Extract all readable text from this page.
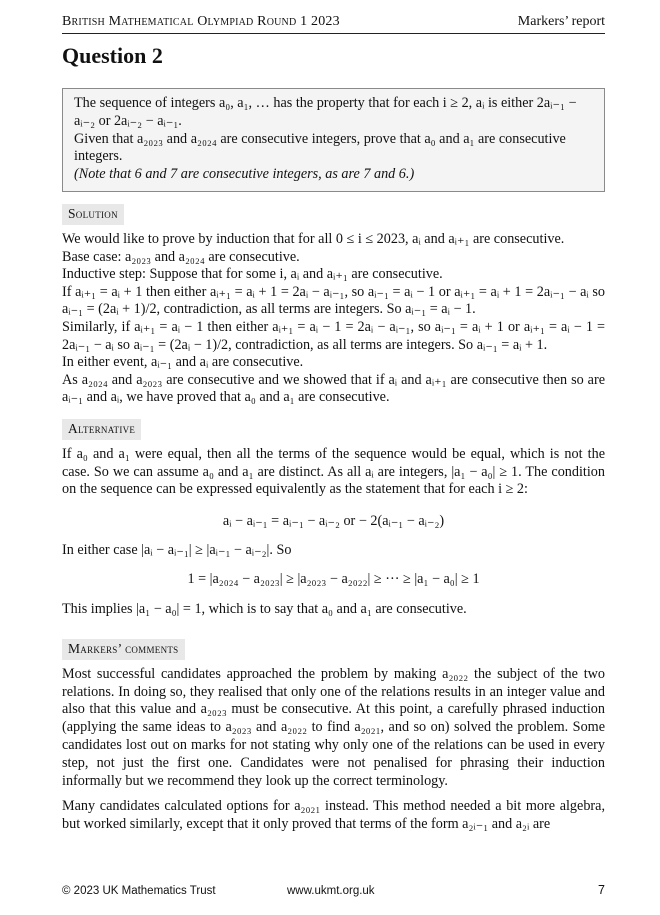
British Mathematical Olympiad Round 1 2023	Markers’ report
Question 2

The sequence of integers a₀, a₁, … has the property that for each i ≥ 2, aᵢ is either 2aᵢ₋₁ − aᵢ₋₂ or 2aᵢ₋₂ − aᵢ₋₁.

Given that a₂₀₂₃ and a₂₀₂₄ are consecutive integers, prove that a₀ and a₁ are consecutive integers.

(Note that 6 and 7 are consecutive integers, as are 7 and 6.)

Solution

We would like to prove by induction that for all 0 ≤ i ≤ 2023, aᵢ and aᵢ₊₁ are consecutive.

Base case: a₂₀₂₃ and a₂₀₂₄ are consecutive.

Inductive step: Suppose that for some i, aᵢ and aᵢ₊₁ are consecutive.

If aᵢ₊₁ = aᵢ + 1 then either aᵢ₊₁ = aᵢ + 1 = 2aᵢ − aᵢ₋₁, so aᵢ₋₁ = aᵢ − 1 or aᵢ₊₁ = aᵢ + 1 = 2aᵢ₋₁ − aᵢ so aᵢ₋₁ = (2aᵢ + 1)/2, contradiction, as all terms are integers. So aᵢ₋₁ = aᵢ − 1.

Similarly, if aᵢ₊₁ = aᵢ − 1 then either aᵢ₊₁ = aᵢ − 1 = 2aᵢ − aᵢ₋₁, so aᵢ₋₁ = aᵢ + 1 or aᵢ₊₁ = aᵢ − 1 = 2aᵢ₋₁ − aᵢ so aᵢ₋₁ = (2aᵢ − 1)/2, contradiction, as all terms are integers. So aᵢ₋₁ = aᵢ + 1.

In either event, aᵢ₋₁ and aᵢ are consecutive.

As a₂₀₂₄ and a₂₀₂₃ are consecutive and we showed that if aᵢ and aᵢ₊₁ are consecutive then so are aᵢ₋₁ and aᵢ, we have proved that a₀ and a₁ are consecutive.

Alternative
If a₀ and a₁ were equal, then all the terms of the sequence would be equal, which is not the case. So we can assume a₀ and a₁ are distinct. As all aᵢ are integers, |a₁ − a₀| ≥ 1. The condition on the sequence can be expressed equivalently as the statement that for each i ≥ 2:
aᵢ − aᵢ₋₁ = aᵢ₋₁ − aᵢ₋₂ or − 2(aᵢ₋₁ − aᵢ₋₂)
In either case |aᵢ − aᵢ₋₁| ≥ |aᵢ₋₁ − aᵢ₋₂|. So
1 = |a₂₀₂₄ − a₂₀₂₃| ≥ |a₂₀₂₃ − a₂₀₂₂| ≥ ··· ≥ |a₁ − a₀| ≥ 1
This implies |a₁ − a₀| = 1, which is to say that a₀ and a₁ are consecutive.
Markers’ comments
Most successful candidates approached the problem by making a₂₀₂₂ the subject of the two relations. In doing so, they realised that only one of the relations results in an integer value and also that this value and a₂₀₂₃ must be consecutive. At this point, a carefully phrased induction (applying the same ideas to a₂₀₂₃ and a₂₀₂₂ to find a₂₀₂₁, and so on) solved the problem. Some candidates lost out on marks for not stating why only one of the relations can be used in every step, not just the first one. Candidates were not penalised for phrasing their induction informally but we recommend they look up the correct terminology.
Many candidates calculated options for a₂₀₂₁ instead. This method needed a bit more algebra, but worked similarly, except that it only proved that terms of the form a₂ᵢ₋₁ and a₂ᵢ are
© 2023 UK Mathematics Trust	www.ukmt.org.uk	7
